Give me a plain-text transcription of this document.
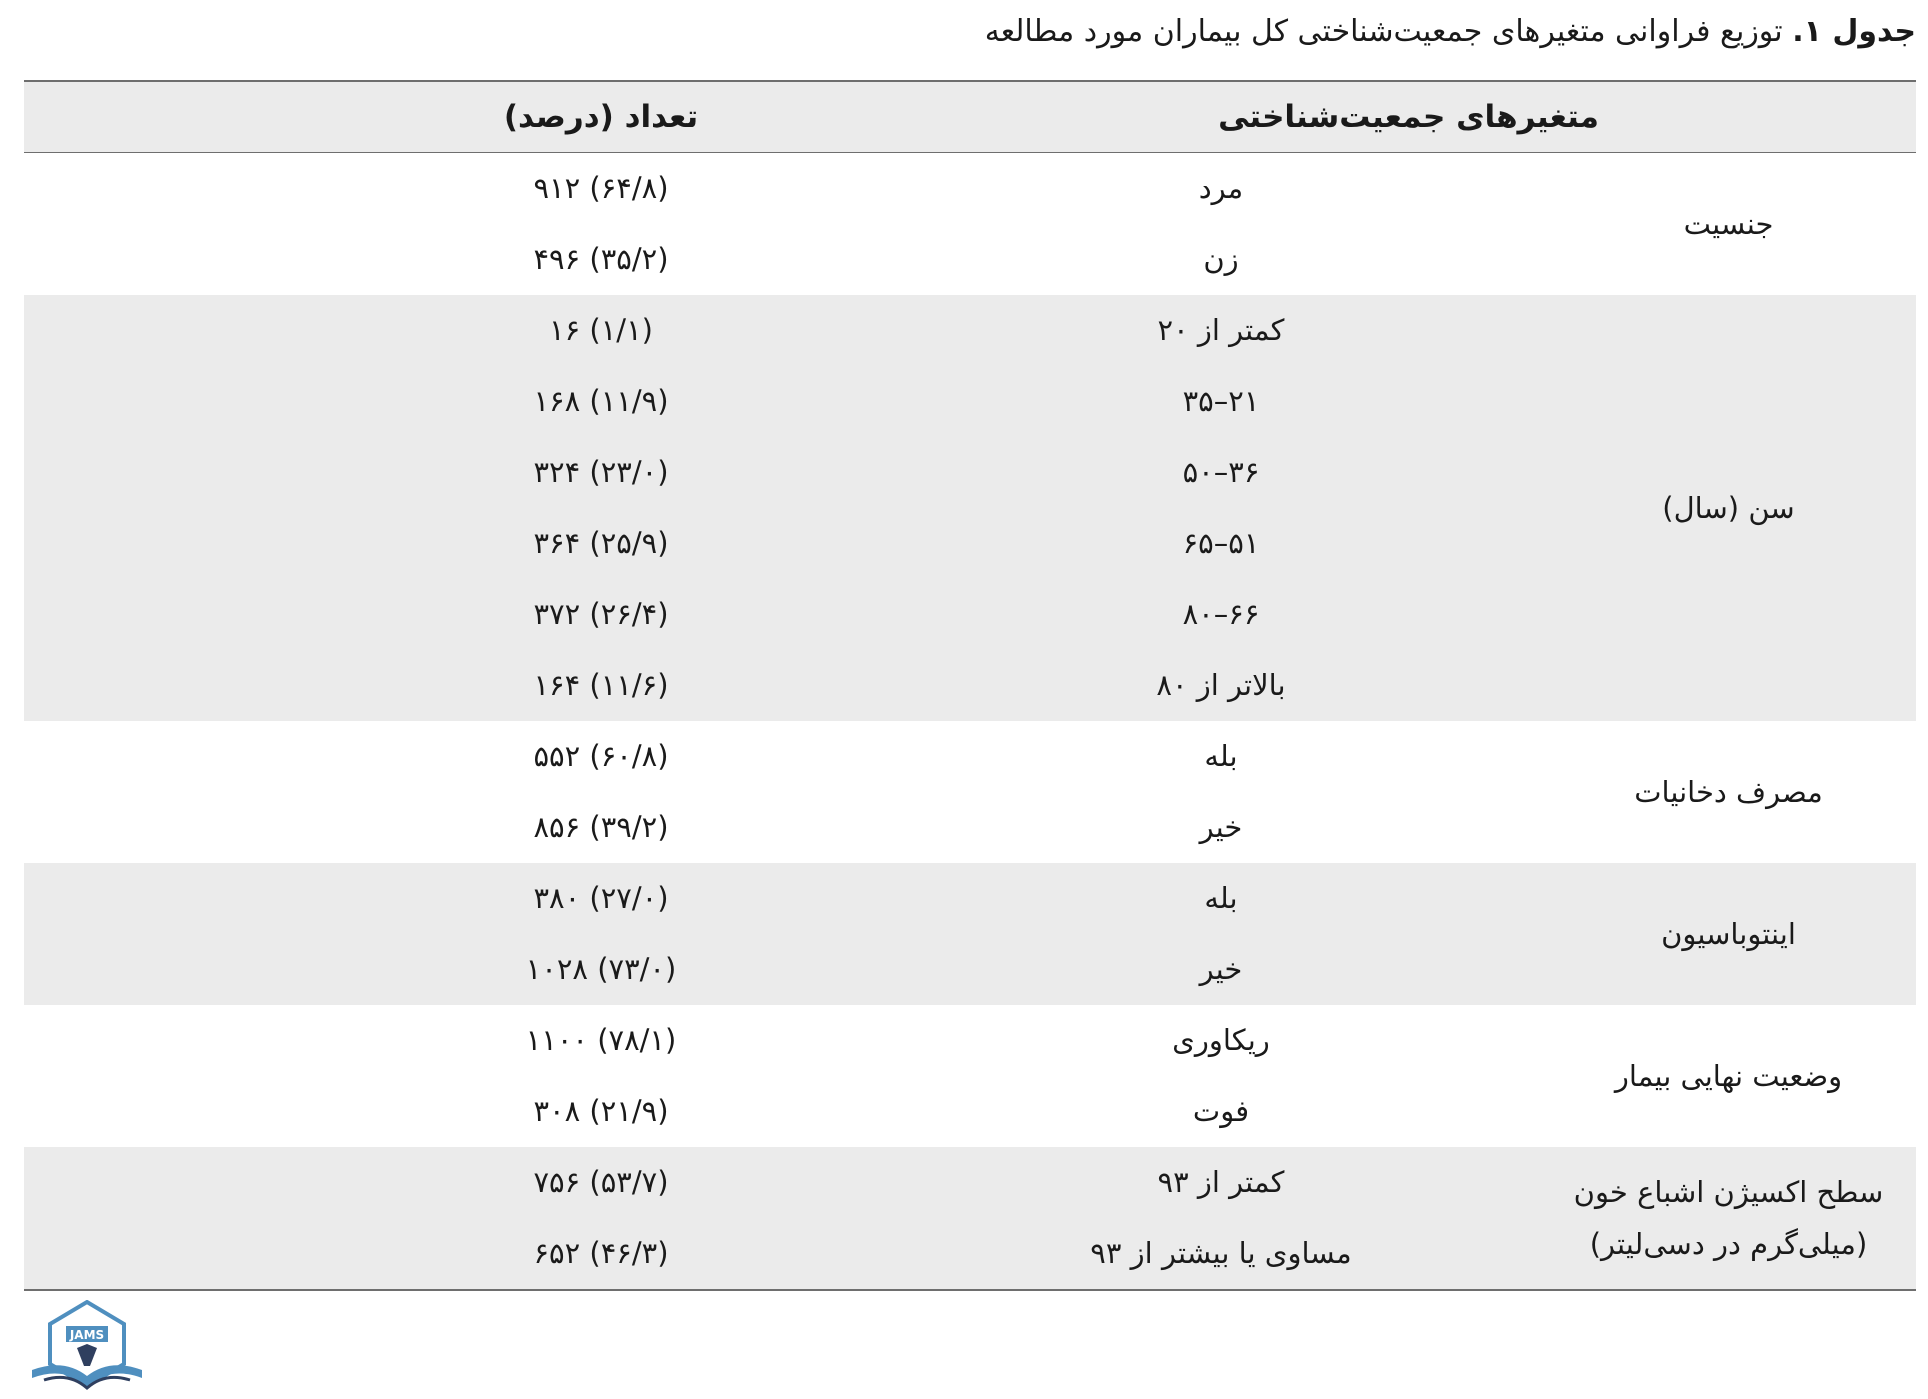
جدول ۱. توزیع فراوانی متغیرهای جمعیت‌شناختی کل بیماران مورد مطالعه
متغیرهای جمعیت‌شناختی
تعداد (درصد)
جنسیت
مرد
۹۱۲ (۶۴/۸)
زن
۴۹۶ (۳۵/۲)
سن (سال)
کمتر از ۲۰
۱۶ (۱/۱)
۲۱–۳۵
۱۶۸ (۱۱/۹)
۳۶–۵۰
۳۲۴ (۲۳/۰)
۵۱–۶۵
۳۶۴ (۲۵/۹)
۶۶–۸۰
۳۷۲ (۲۶/۴)
بالاتر از ۸۰
۱۶۴ (۱۱/۶)
مصرف دخانیات
بله
۵۵۲ (۶۰/۸)
خیر
۸۵۶ (۳۹/۲)
اینتوباسیون
بله
۳۸۰ (۲۷/۰)
خیر
۱۰۲۸ (۷۳/۰)
وضعیت نهایی بیمار
ریکاوری
۱۱۰۰ (۷۸/۱)
فوت
۳۰۸ (۲۱/۹)
سطح اکسیژن اشباع خون (میلی‌گرم در دسی‌لیتر)
کمتر از ۹۳
۷۵۶ (۵۳/۷)
مساوی یا بیشتر از ۹۳
۶۵۲ (۴۶/۳)
JAMS
